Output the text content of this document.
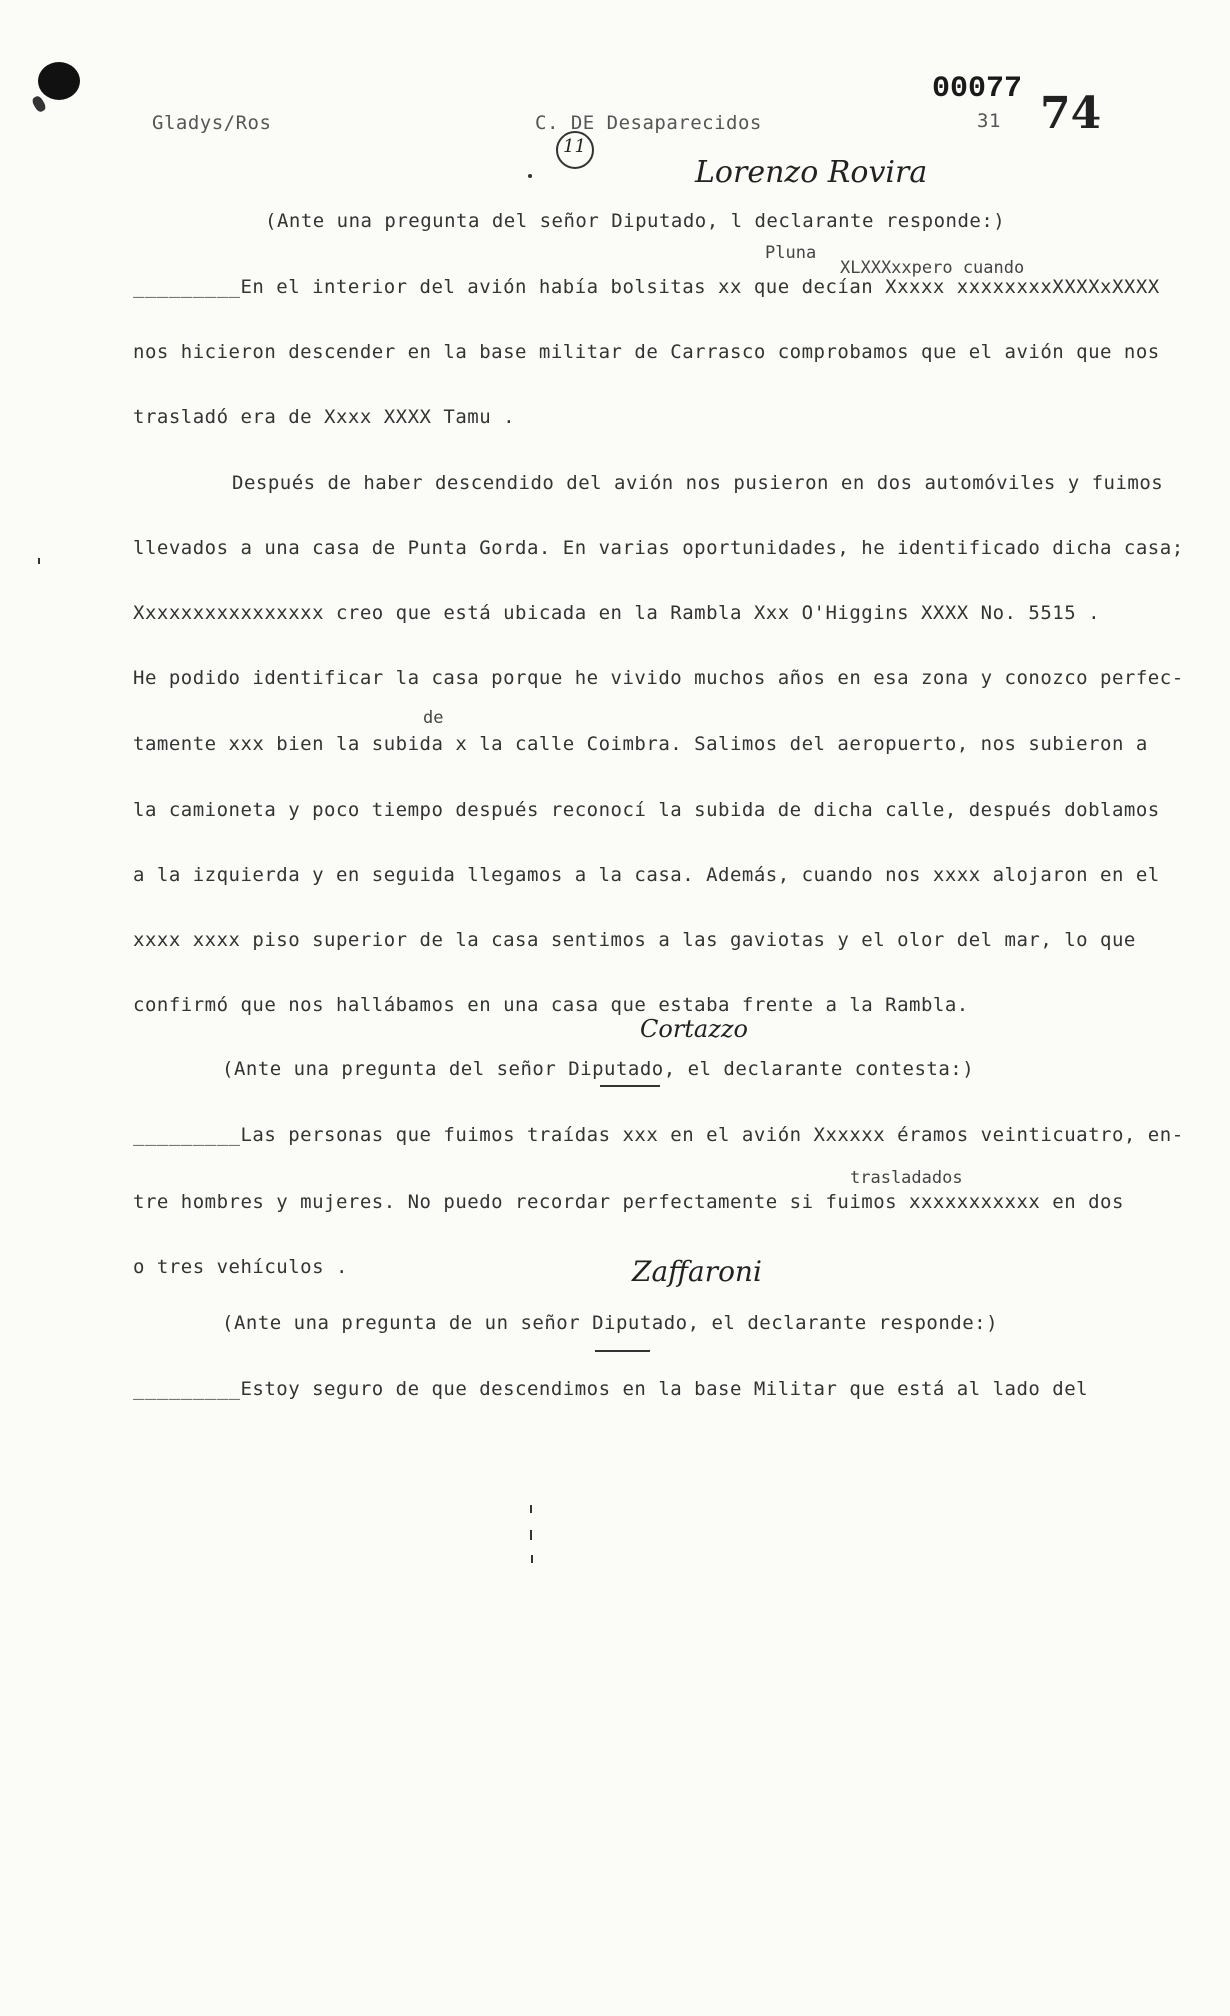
Gladys/Ros	C. DE Desaparecidos
00077
31 74
11
Lorenzo Rovira
Pluna
XLXXXxxpero cuando
de
trasladados
(Ante una pregunta del señor Diputado, l declarante responde:)
_________En el interior del avión había bolsitas xx que decían Xxxxx xxxxxxxxXXXXxXXXX
nos hicieron descender en la base militar de Carrasco comprobamos que el avión que nos
trasladó era de Xxxx XXXX Tamu .
Después de haber descendido del avión nos pusieron en dos automóviles y fuimos
llevados a una casa de Punta Gorda. En varias oportunidades, he identificado dicha casa;
Xxxxxxxxxxxxxxxx creo que está ubicada en la Rambla Xxx O'Higgins XXXX No. 5515 .
He podido identificar la casa porque he vivido muchos años en esa zona y conozco perfec-
tamente xxx bien la subida x la calle Coimbra. Salimos del aeropuerto, nos subieron a
la camioneta y poco tiempo después reconocí la subida de dicha calle, después doblamos
a la izquierda y en seguida llegamos a la casa. Además, cuando nos xxxx alojaron en el
xxxx xxxx piso superior de la casa sentimos a las gaviotas y el olor del mar, lo que
confirmó que nos hallábamos en una casa que estaba frente a la Rambla.
Cortazzo
(Ante una pregunta del señor Diputado, el declarante contesta:)
_________Las personas que fuimos traídas xxx en el avión Xxxxxx éramos veinticuatro, en-
tre hombres y mujeres. No puedo recordar perfectamente si fuimos xxxxxxxxxxx en dos
o tres vehículos .	Zaffaroni
(Ante una pregunta de un señor Diputado, el declarante responde:)
_________Estoy seguro de que descendimos en la base Militar que está al lado del
